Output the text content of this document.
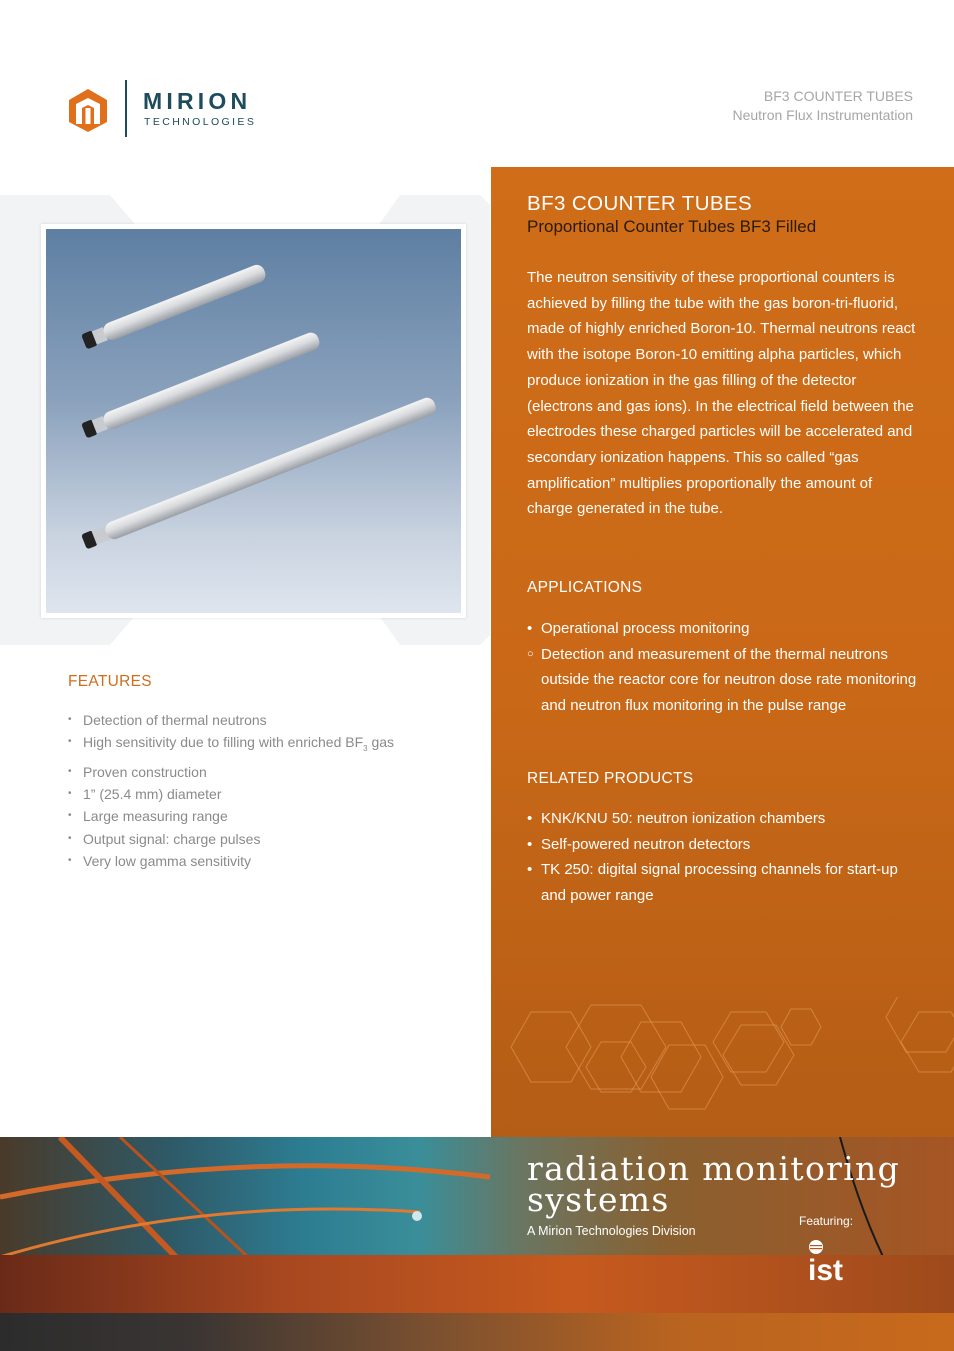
MIRION
TECHNOLOGIES
BF3 COUNTER TUBES
Neutron Flux Instrumentation
FEATURES
• Detection of thermal neutrons
• High sensitivity due to filling with enriched $BF_3$ gas
• Proven construction
• 1” (25.4 mm) diameter
• Large measuring range
• Output signal: charge pulses
• Very low gamma sensitivity
BF3 COUNTER TUBES
Proportional Counter Tubes BF3 Filled

The neutron sensitivity of these proportional counters is achieved by filling the tube with the gas boron-tri-fluorid, made of highly enriched Boron-10. Thermal neutrons react with the isotope Boron-10 emitting alpha particles, which produce ionization in the gas filling of the detector (electrons and gas ions). In the electrical field between the electrodes these charged particles will be accelerated and secondary ionization happens. This so called “gas amplification” multiplies proportionally the amount of charge generated in the tube.

APPLICATIONS
• Operational process monitoring
○ Detection and measurement of the thermal neutrons outside the reactor core for neutron dose rate monitoring and neutron flux monitoring in the pulse range
RELATED PRODUCTS
• KNK/KNU 50: neutron ionization chambers
• Self-powered neutron detectors
• TK 250: digital signal processing channels for start-up and power range
radiation monitoring
systems
A Mirion Technologies Division
Featuring:
ist
